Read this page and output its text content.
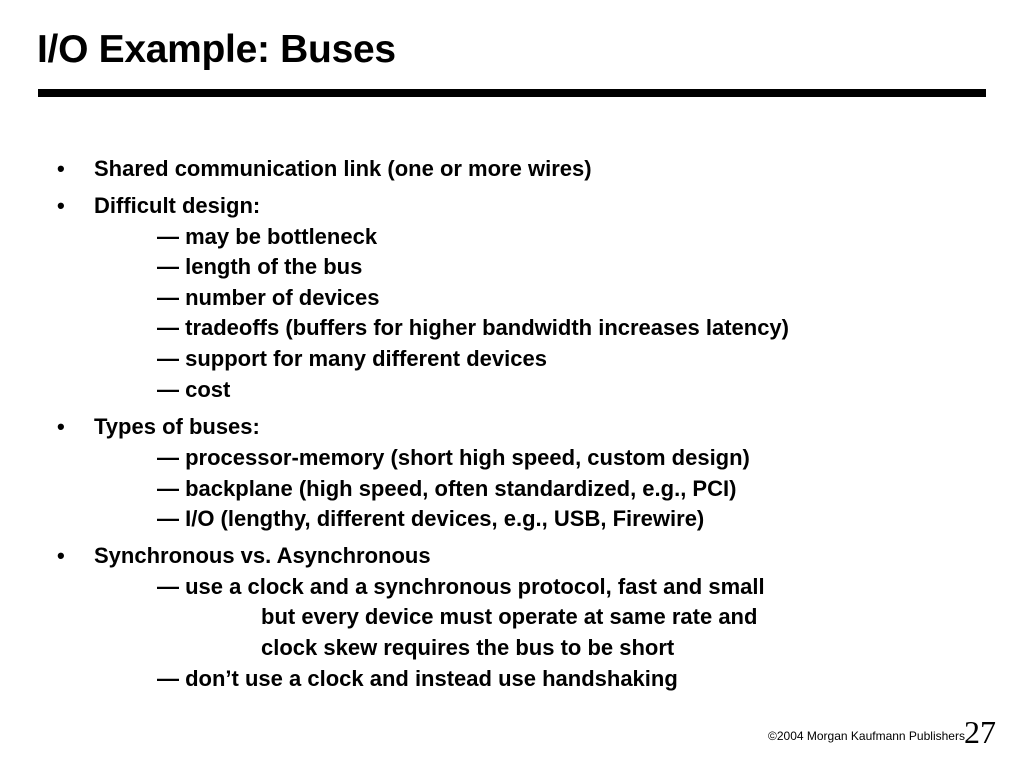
I/O Example: Buses
• Shared communication link (one or more wires)
• Difficult design:
— may be bottleneck
— length of the bus
— number of devices
— tradeoffs (buffers for higher bandwidth increases latency)
— support for many different devices
— cost
• Types of buses:
— processor-memory (short high speed, custom design)
— backplane (high speed, often standardized, e.g., PCI)
— I/O (lengthy, different devices, e.g., USB, Firewire)
• Synchronous vs. Asynchronous
— use a clock and a synchronous protocol, fast and small
but every device must operate at same rate and
clock skew requires the bus to be short
— don’t use a clock and instead use handshaking
©2004 Morgan Kaufmann Publishers 27
